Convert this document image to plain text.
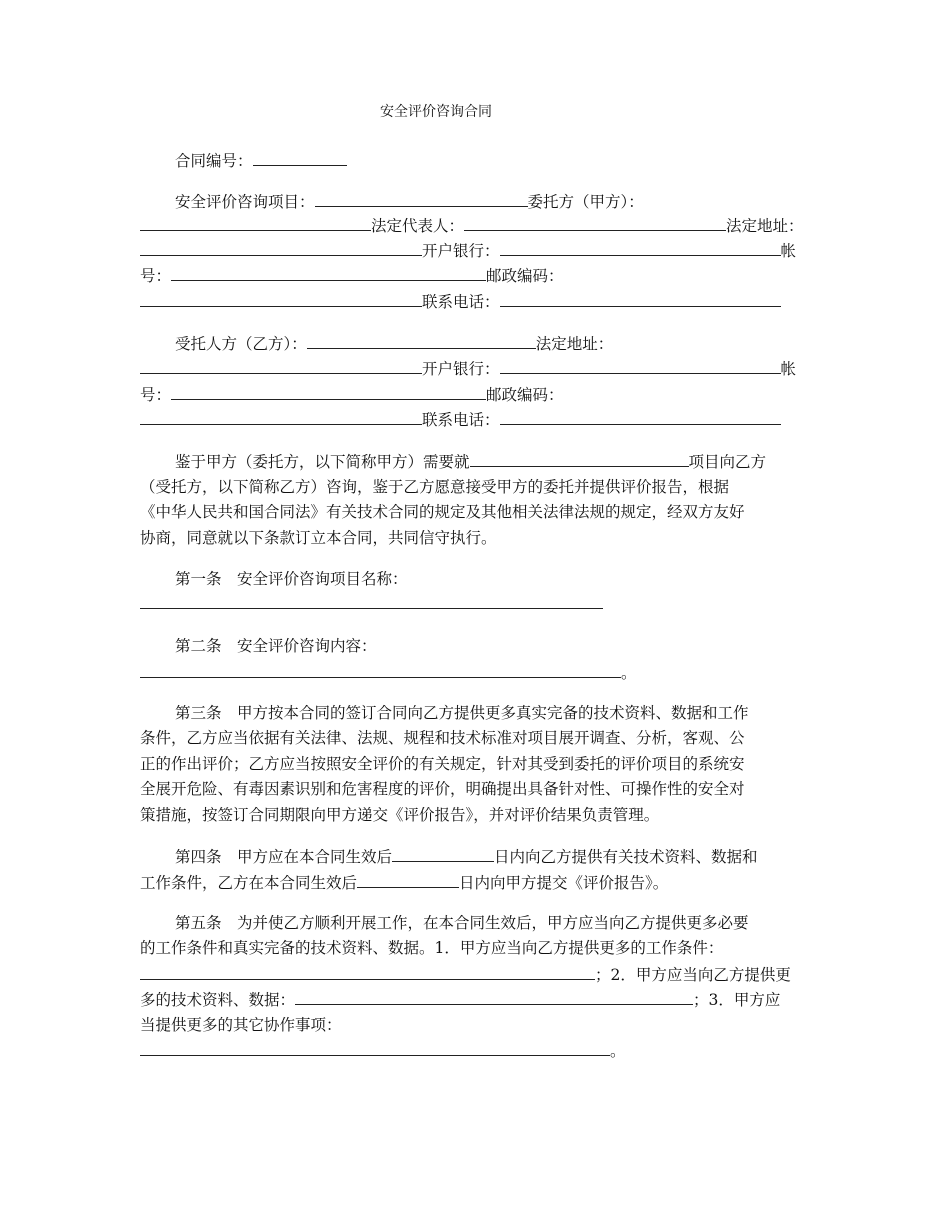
安全评价咨询合同
合同编号：
安全评价咨询项目：	委托方（甲方）：
法定代表人：	法定地址：
开户银行：	帐
号：	邮政编码：
联系电话：
受托人方（乙方）：	法定地址：
开户银行：	帐
号：	邮政编码：
联系电话：
鉴于甲方（委托方，以下简称甲方）需要就	项目向乙方
（受托方，以下简称乙方）咨询，鉴于乙方愿意接受甲方的委托并提供评价报告，根据
《中华人民共和国合同法》有关技术合同的规定及其他相关法律法规的规定，经双方友好
协商，同意就以下条款订立本合同，共同信守执行。
第一条　安全评价咨询项目名称：
第二条　安全评价咨询内容：
。
第三条　甲方按本合同的签订合同向乙方提供更多真实完备的技术资料、数据和工作
条件，乙方应当依据有关法律、法规、规程和技术标准对项目展开调查、分析，客观、公
正的作出评价；乙方应当按照安全评价的有关规定，针对其受到委托的评价项目的系统安
全展开危险、有毒因素识别和危害程度的评价，明确提出具备针对性、可操作性的安全对
策措施，按签订合同期限向甲方递交《评价报告》，并对评价结果负责管理。
第四条　甲方应在本合同生效后	日内向乙方提供有关技术资料、数据和
工作条件，乙方在本合同生效后	日内向甲方提交《评价报告》。
第五条　为并使乙方顺利开展工作，在本合同生效后，甲方应当向乙方提供更多必要
的工作条件和真实完备的技术资料、数据。1．甲方应当向乙方提供更多的工作条件：
；2．甲方应当向乙方提供更
多的技术资料、数据：	；3．甲方应
当提供更多的其它协作事项：
。
